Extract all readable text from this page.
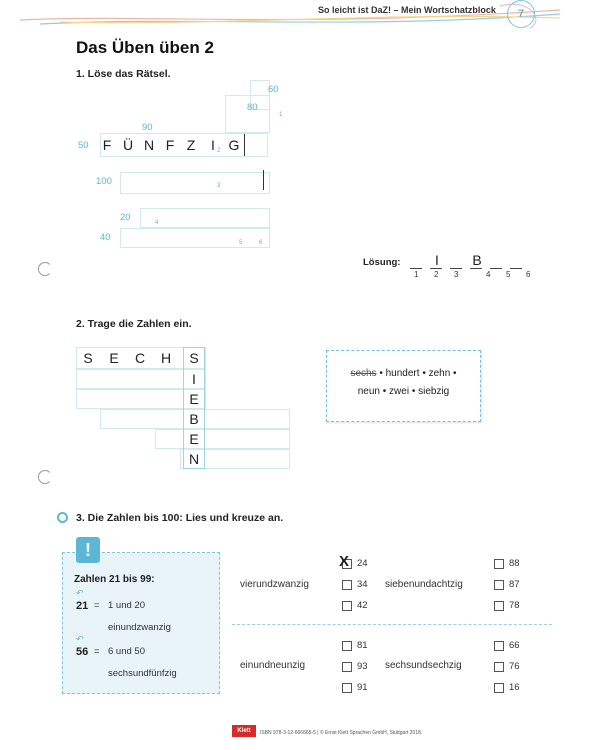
So leicht ist DaZ! – Mein Wortschatzblock	7
Das Üben üben 2
1. Löse das Rätsel.
60
80
90
50
100
20
40
F Ü N F Z	I G
1
2
3
4
5	6
Lösung:	I	B
1 2 3	4 5 6
2. Trage die Zahlen ein.
S	E	C	H	S
I
E
B
E
N
sechs • hundert • zehn •
neun • zwei • siebzig
3. Die Zahlen bis 100: Lies und kreuze an.
!
Zahlen 21 bis 99:
↶
21 = 1 und 20
einundzwanzig
↶
56 = 6 und 50
sechsundfünfzig
vierundzwanzig
X 24
34
42
siebenundachtzig
88
87
78
einundneunzig
81
93
91
sechsundsechzig
66
76
16
Klett	ISBN 978-3-12-666665-5 | © Ernst Klett Sprachen GmbH, Stuttgart 2018.
